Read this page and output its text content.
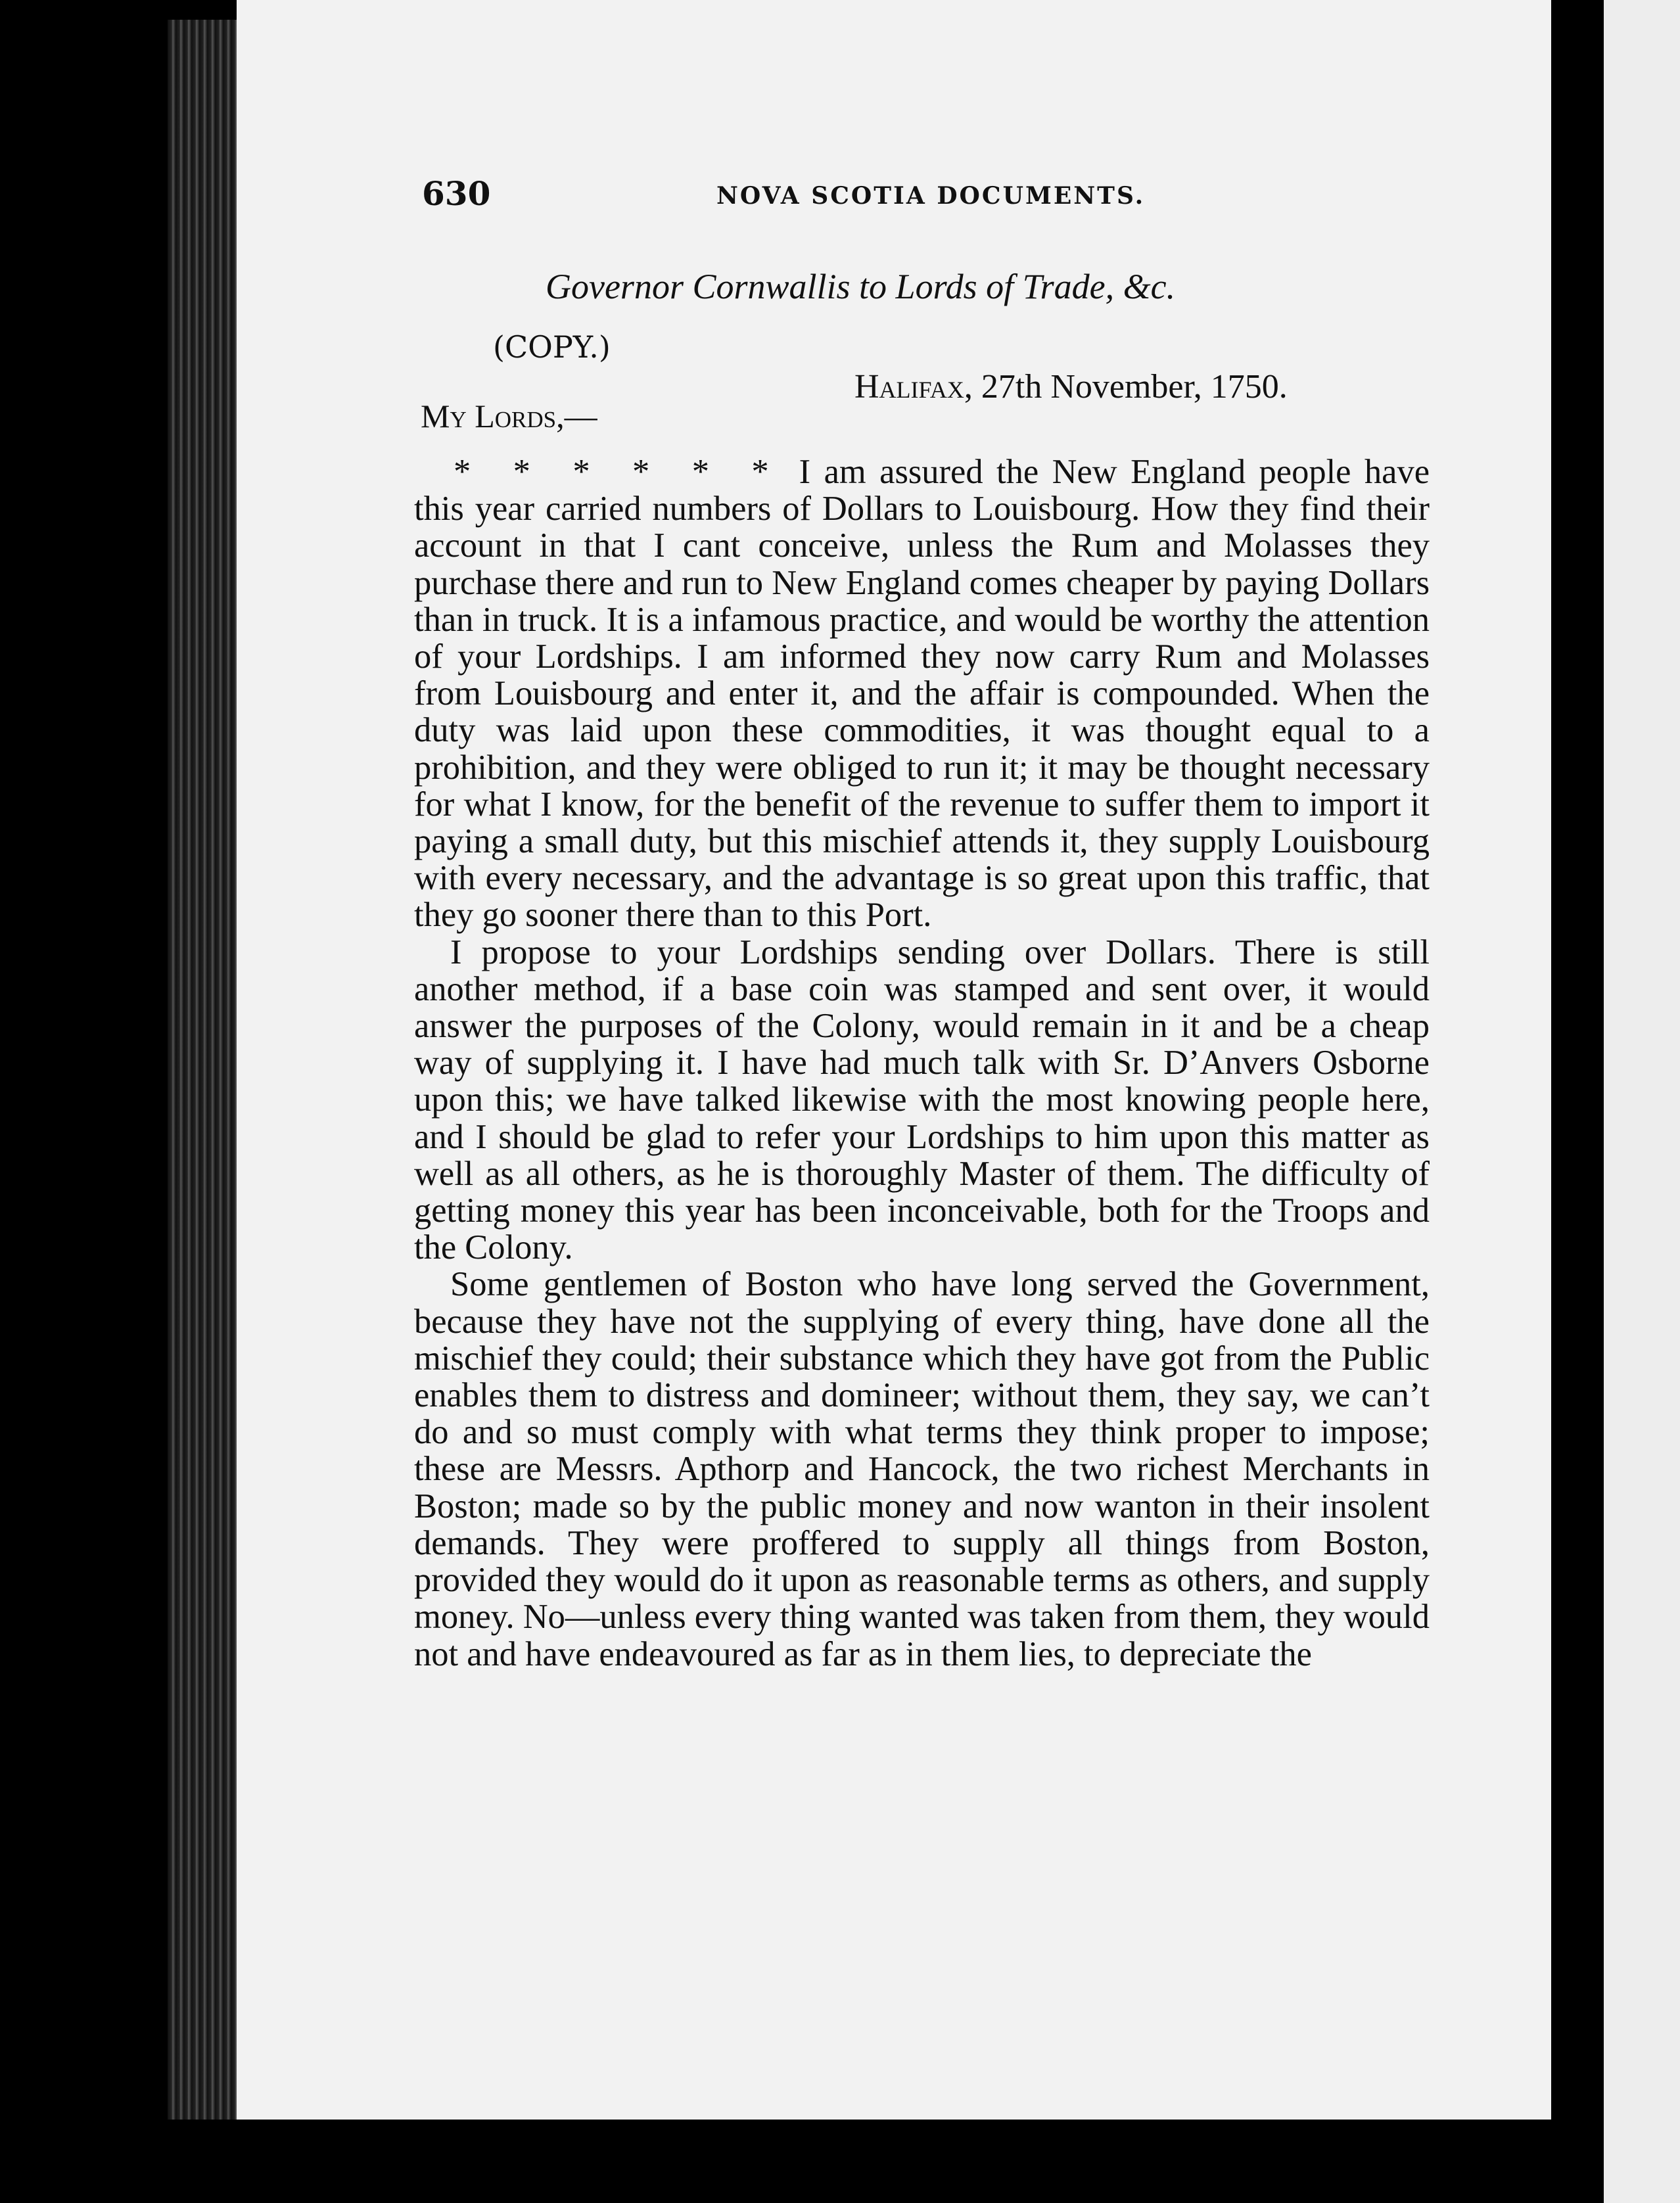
630	NOVA SCOTIA DOCUMENTS.
Governor Cornwallis to Lords of Trade, &c.
(COPY.)
Halifax, 27th November, 1750.
My Lords,—

* * * * * * I am assured the New England people have this year carried numbers of Dollars to Louisbourg. How they find their account in that I cant conceive, unless the Rum and Molasses they purchase there and run to New England comes cheaper by paying Dollars than in truck. It is a infamous practice, and would be worthy the attention of your Lordships. I am informed they now carry Rum and Molasses from Louisbourg and enter it, and the affair is compounded. When the duty was laid upon these commodities, it was thought equal to a prohibition, and they were obliged to run it; it may be thought necessary for what I know, for the benefit of the revenue to suffer them to import it paying a small duty, but this mischief attends it, they supply Louisbourg with every necessary, and the advantage is so great upon this traffic, that they go sooner there than to this Port.

I propose to your Lordships sending over Dollars. There is still another method, if a base coin was stamped and sent over, it would answer the purposes of the Colony, would remain in it and be a cheap way of supplying it. I have had much talk with Sr. D’Anvers Osborne upon this; we have talked likewise with the most knowing people here, and I should be glad to refer your Lordships to him upon this matter as well as all others, as he is thoroughly Master of them. The difficulty of getting money this year has been inconceivable, both for the Troops and the Colony.

Some gentlemen of Boston who have long served the Government, because they have not the supplying of every thing, have done all the mischief they could; their substance which they have got from the Public enables them to distress and domineer; without them, they say, we can’t do and so must comply with what terms they think proper to impose; these are Messrs. Apthorp and Hancock, the two richest Merchants in Boston; made so by the public money and now wanton in their insolent demands. They were proffered to supply all things from Boston, provided they would do it upon as reasonable terms as others, and supply money. No—unless every thing wanted was taken from them, they would not and have endeavoured as far as in them lies, to depreciate the
